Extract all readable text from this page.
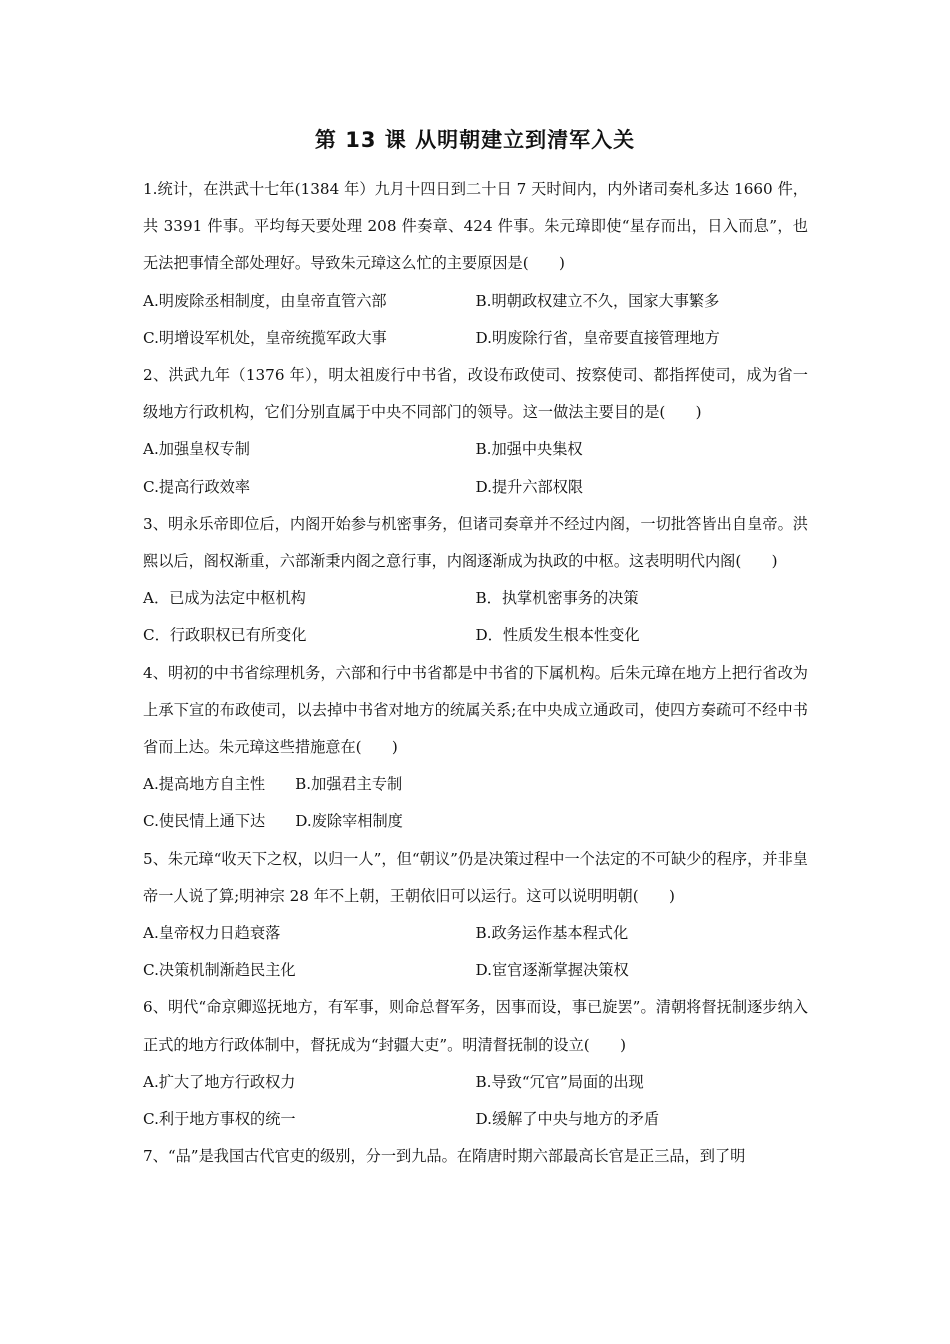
第 13 课 从明朝建立到清军入关
1.统计，在洪武十七年(1384 年）九月十四日到二十日 7 天时间内，内外诸司奏札多达 1660 件，共 3391 件事。平均每天要处理 208 件奏章、424 件事。朱元璋即使“星存而出，日入而息”，也无法把事情全部处理好。导致朱元璋这么忙的主要原因是(　　)
A.明废除丞相制度，由皇帝直管六部	B.明朝政权建立不久，国家大事繁多
C.明增设军机处，皇帝统揽军政大事	D.明废除行省，皇帝要直接管理地方
2、洪武九年（1376 年），明太祖废行中书省，改设布政使司、按察使司、都指挥使司，成为省一级地方行政机构，它们分别直属于中央不同部门的领导。这一做法主要目的是(　　)
A.加强皇权专制	B.加强中央集权
C.提高行政效率	D.提升六部权限
3、明永乐帝即位后，内阁开始参与机密事务，但诸司奏章并不经过内阁，一切批答皆出自皇帝。洪熙以后，阁权渐重，六部渐秉内阁之意行事，内阁逐渐成为执政的中枢。这表明明代内阁(　　)
A．已成为法定中枢机构	B．执掌机密事务的决策
C．行政职权已有所变化	D．性质发生根本性变化
4、明初的中书省综理机务，六部和行中书省都是中书省的下属机构。后朱元璋在地方上把行省改为上承下宣的布政使司，以去掉中书省对地方的统属关系;在中央成立通政司，使四方奏疏可不经中书省而上达。朱元璋这些措施意在(　　)
A.提高地方自主性 B.加强君主专制
C.使民情上通下达 D.废除宰相制度
5、朱元璋“收天下之权，以归一人”，但“朝议”仍是决策过程中一个法定的不可缺少的程序，并非皇帝一人说了算;明神宗 28 年不上朝，王朝依旧可以运行。这可以说明明朝(　　)
A.皇帝权力日趋衰落	B.政务运作基本程式化
C.决策机制渐趋民主化	D.宦官逐渐掌握决策权
6、明代“命京卿巡抚地方，有军事，则命总督军务，因事而设，事已旋罢”。清朝将督抚制逐步纳入正式的地方行政体制中，督抚成为“封疆大吏”。明清督抚制的设立(　　)
A.扩大了地方行政权力	B.导致“冗官”局面的出现
C.利于地方事权的统一	D.缓解了中央与地方的矛盾
7、“品”是我国古代官吏的级别，分一到九品。在隋唐时期六部最高长官是正三品，到了明
